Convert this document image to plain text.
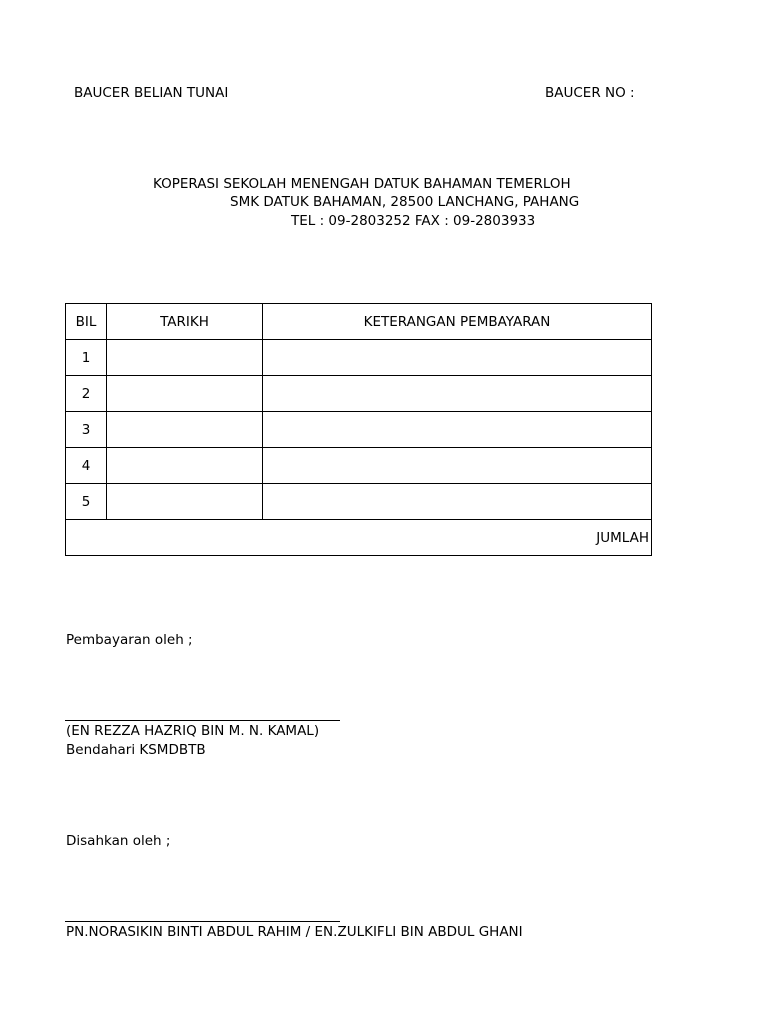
BAUCER BELIAN TUNAI	BAUCER NO :
KOPERASI SEKOLAH MENENGAH DATUK BAHAMAN TEMERLOH
SMK DATUK BAHAMAN, 28500 LANCHANG, PAHANG
TEL : 09-2803252 FAX : 09-2803933
BIL	TARIKH	KETERANGAN PEMBAYARAN
1		
2		
3		
4		
5		
JUMLAH		
Pembayaran oleh ;
(EN REZZA HAZRIQ BIN M. N. KAMAL)
Bendahari KSMDBTB
Disahkan oleh ;
PN.NORASIKIN BINTI ABDUL RAHIM / EN.ZULKIFLI BIN ABDUL GHANI
